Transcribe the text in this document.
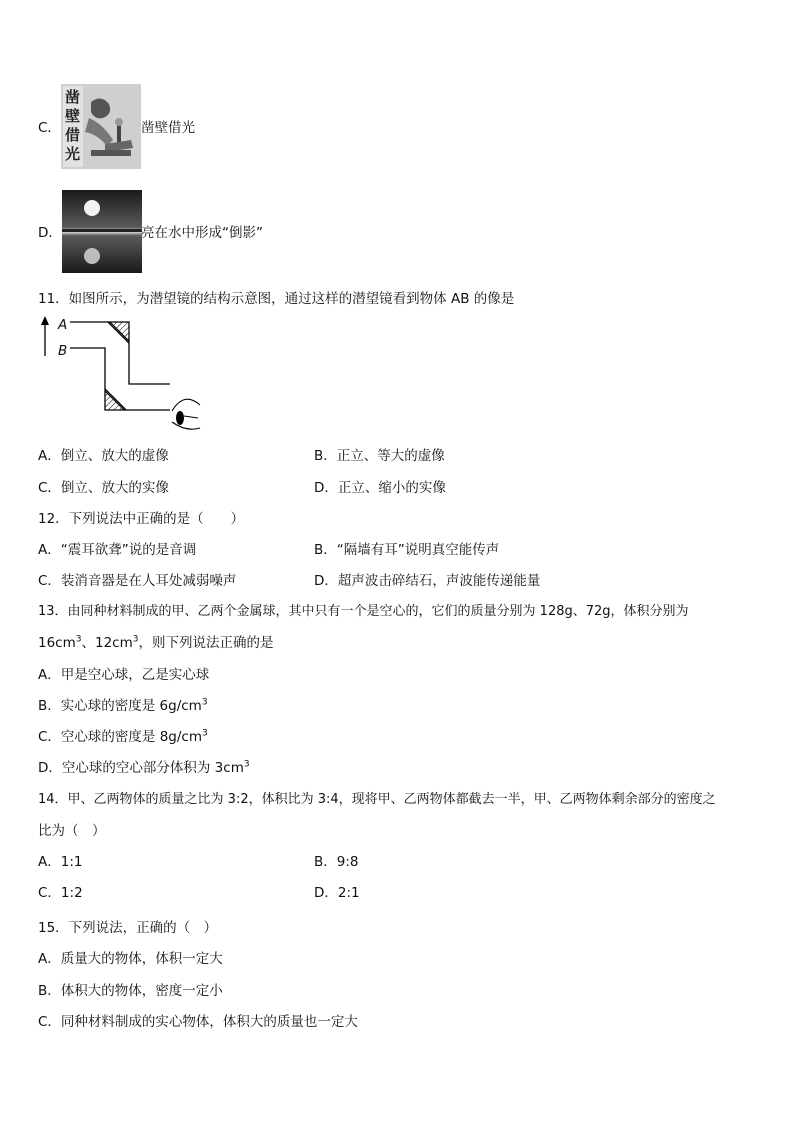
C．
凿壁借光
凿壁借光
D．	亮在水中形成“倒影”
11．如图所示，为潜望镜的结构示意图，通过这样的潜望镜看到物体 AB 的像是
A
B
A．倒立、放大的虚像	B．正立、等大的虚像
C．倒立、放大的实像	D．正立、缩小的实像
12．下列说法中正确的是（　　）
A．“震耳欲聋”说的是音调	B．“隔墙有耳”说明真空能传声
C．装消音器是在人耳处减弱噪声	D．超声波击碎结石，声波能传递能量
13．由同种材料制成的甲、乙两个金属球，其中只有一个是空心的，它们的质量分别为 128g、72g，体积分别为
$16cm^3$、$12cm^3$，则下列说法正确的是
A．甲是空心球，乙是实心球
B．实心球的密度是 $6g/cm^3$
C．空心球的密度是 $8g/cm^3$
D．空心球的空心部分体积为 $3cm^3$
14．甲、乙两物体的质量之比为 3:2，体积比为 3:4，现将甲、乙两物体都截去一半，甲、乙两物体剩余部分的密度之
比为（　）
A．1:1	B．9:8
C．1:2	D．2:1
15．下列说法，正确的（　）
A．质量大的物体，体积一定大
B．体积大的物体，密度一定小
C．同种材料制成的实心物体，体积大的质量也一定大
